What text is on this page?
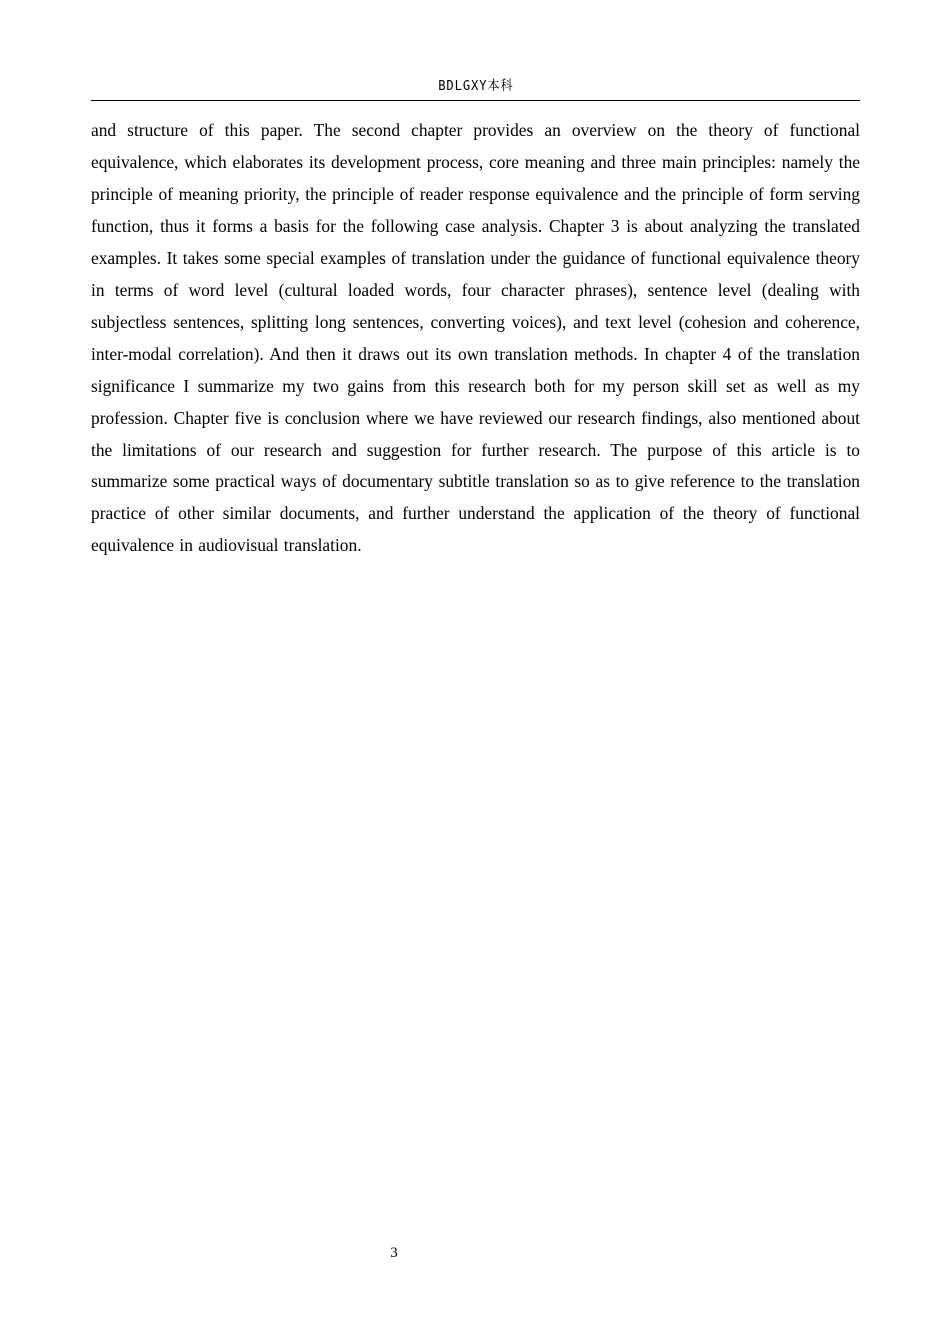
BDLGXY本科

and structure of this paper. The second chapter provides an overview on the theory of functional equivalence, which elaborates its development process, core meaning and three main principles: namely the principle of meaning priority, the principle of reader response equivalence and the principle of form serving function, thus it forms a basis for the following case analysis. Chapter 3 is about analyzing the translated examples. It takes some special examples of translation under the guidance of functional equivalence theory in terms of word level (cultural loaded words, four character phrases), sentence level (dealing with subjectless sentences, splitting long sentences, converting voices), and text level (cohesion and coherence, inter-modal correlation). And then it draws out its own translation methods. In chapter 4 of the translation significance I summarize my two gains from this research both for my person skill set as well as my profession. Chapter five is conclusion where we have reviewed our research findings, also mentioned about the limitations of our research and suggestion for further research. The purpose of this article is to summarize some practical ways of documentary subtitle translation so as to give reference to the translation practice of other similar documents, and further understand the application of the theory of functional equivalence in audiovisual translation.

3
